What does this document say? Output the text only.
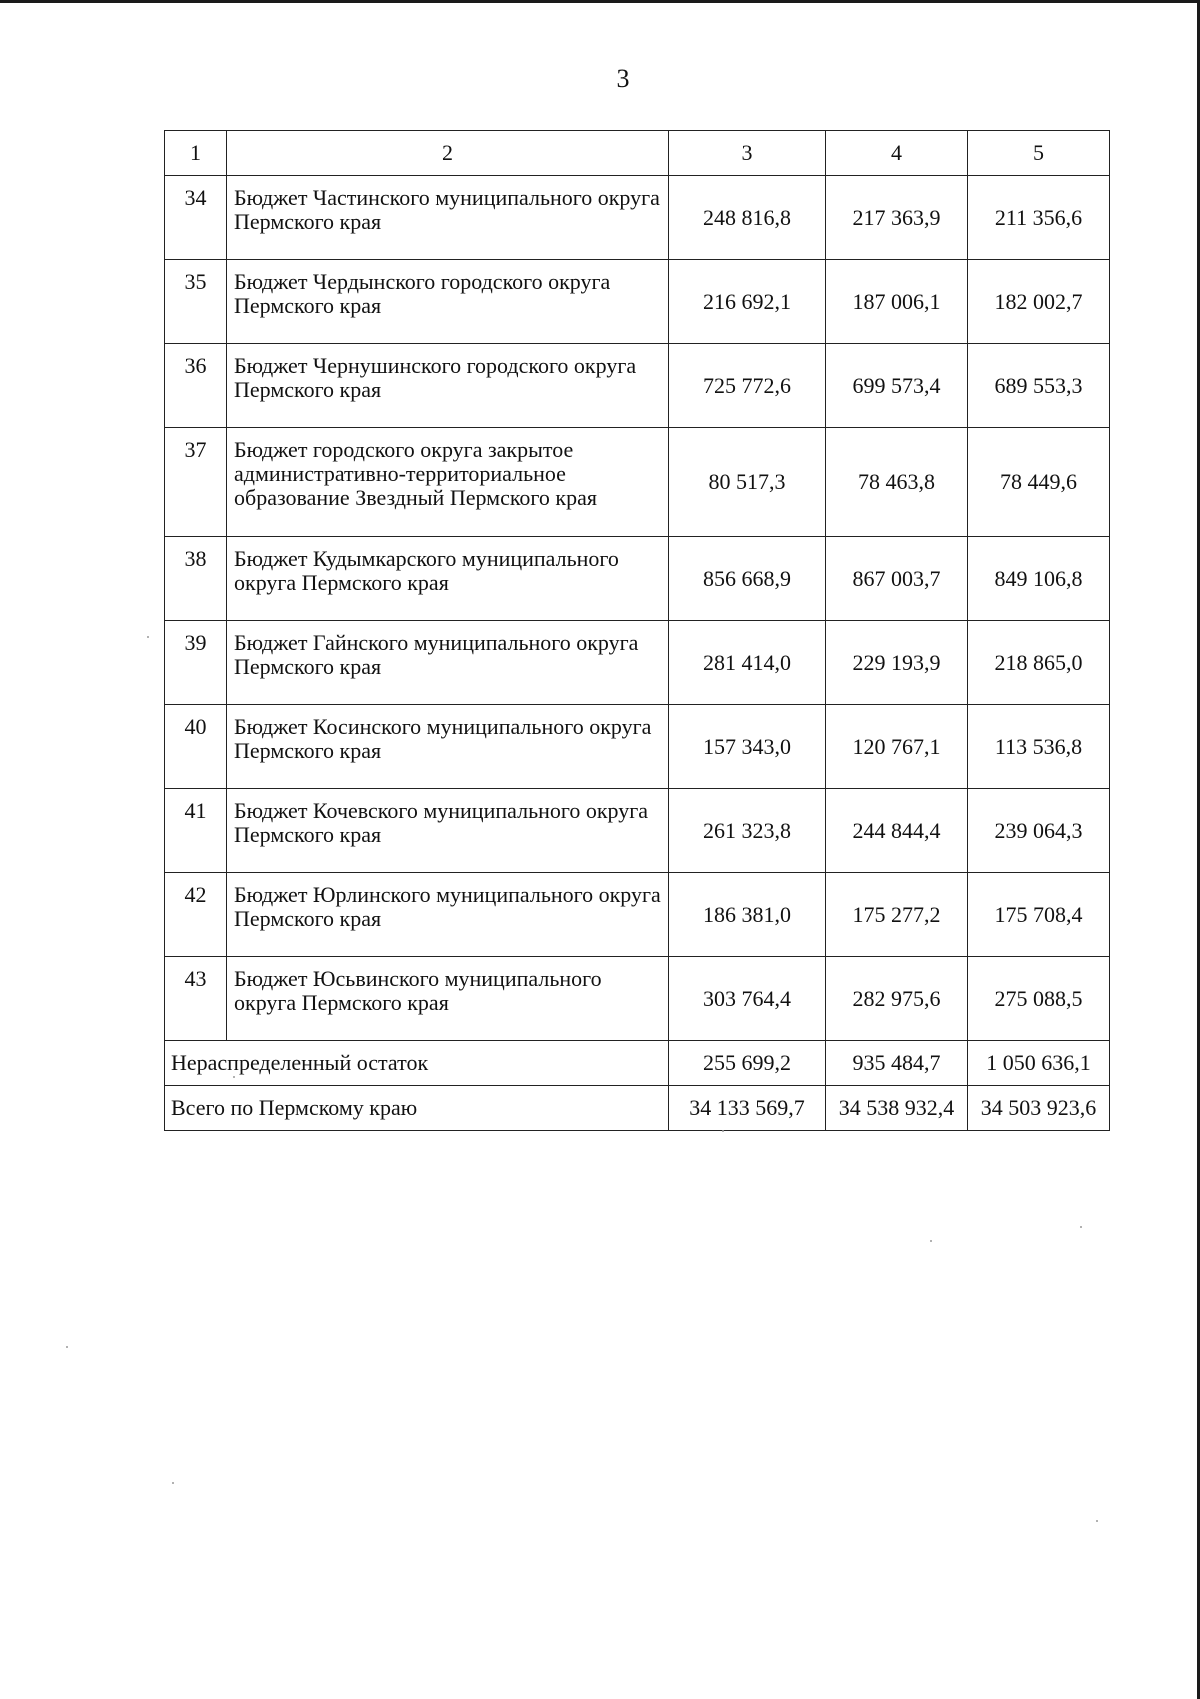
3
1	2	3	4	5
34	Бюджет Частинского муниципального округа Пермского края	248 816,8	217 363,9	211 356,6
35	Бюджет Чердынского городского округа Пермского края	216 692,1	187 006,1	182 002,7
36	Бюджет Чернушинского городского округа Пермского края	725 772,6	699 573,4	689 553,3
37	Бюджет городского округа закрытое административно-территориальное образование Звездный Пермского края	80 517,3	78 463,8	78 449,6
38	Бюджет Кудымкарского муниципального округа Пермского края	856 668,9	867 003,7	849 106,8
39	Бюджет Гайнского муниципального округа Пермского края	281 414,0	229 193,9	218 865,0
40	Бюджет Косинского муниципального округа Пермского края	157 343,0	120 767,1	113 536,8
41	Бюджет Кочевского муниципального округа Пермского края	261 323,8	244 844,4	239 064,3
42	Бюджет Юрлинского муниципального округа Пермского края	186 381,0	175 277,2	175 708,4
43	Бюджет Юсьвинского муниципального округа Пермского края	303 764,4	282 975,6	275 088,5
Нераспределенный остаток		255 699,2	935 484,7	1 050 636,1
Всего по Пермскому краю		34 133 569,7	34 538 932,4	34 503 923,6
